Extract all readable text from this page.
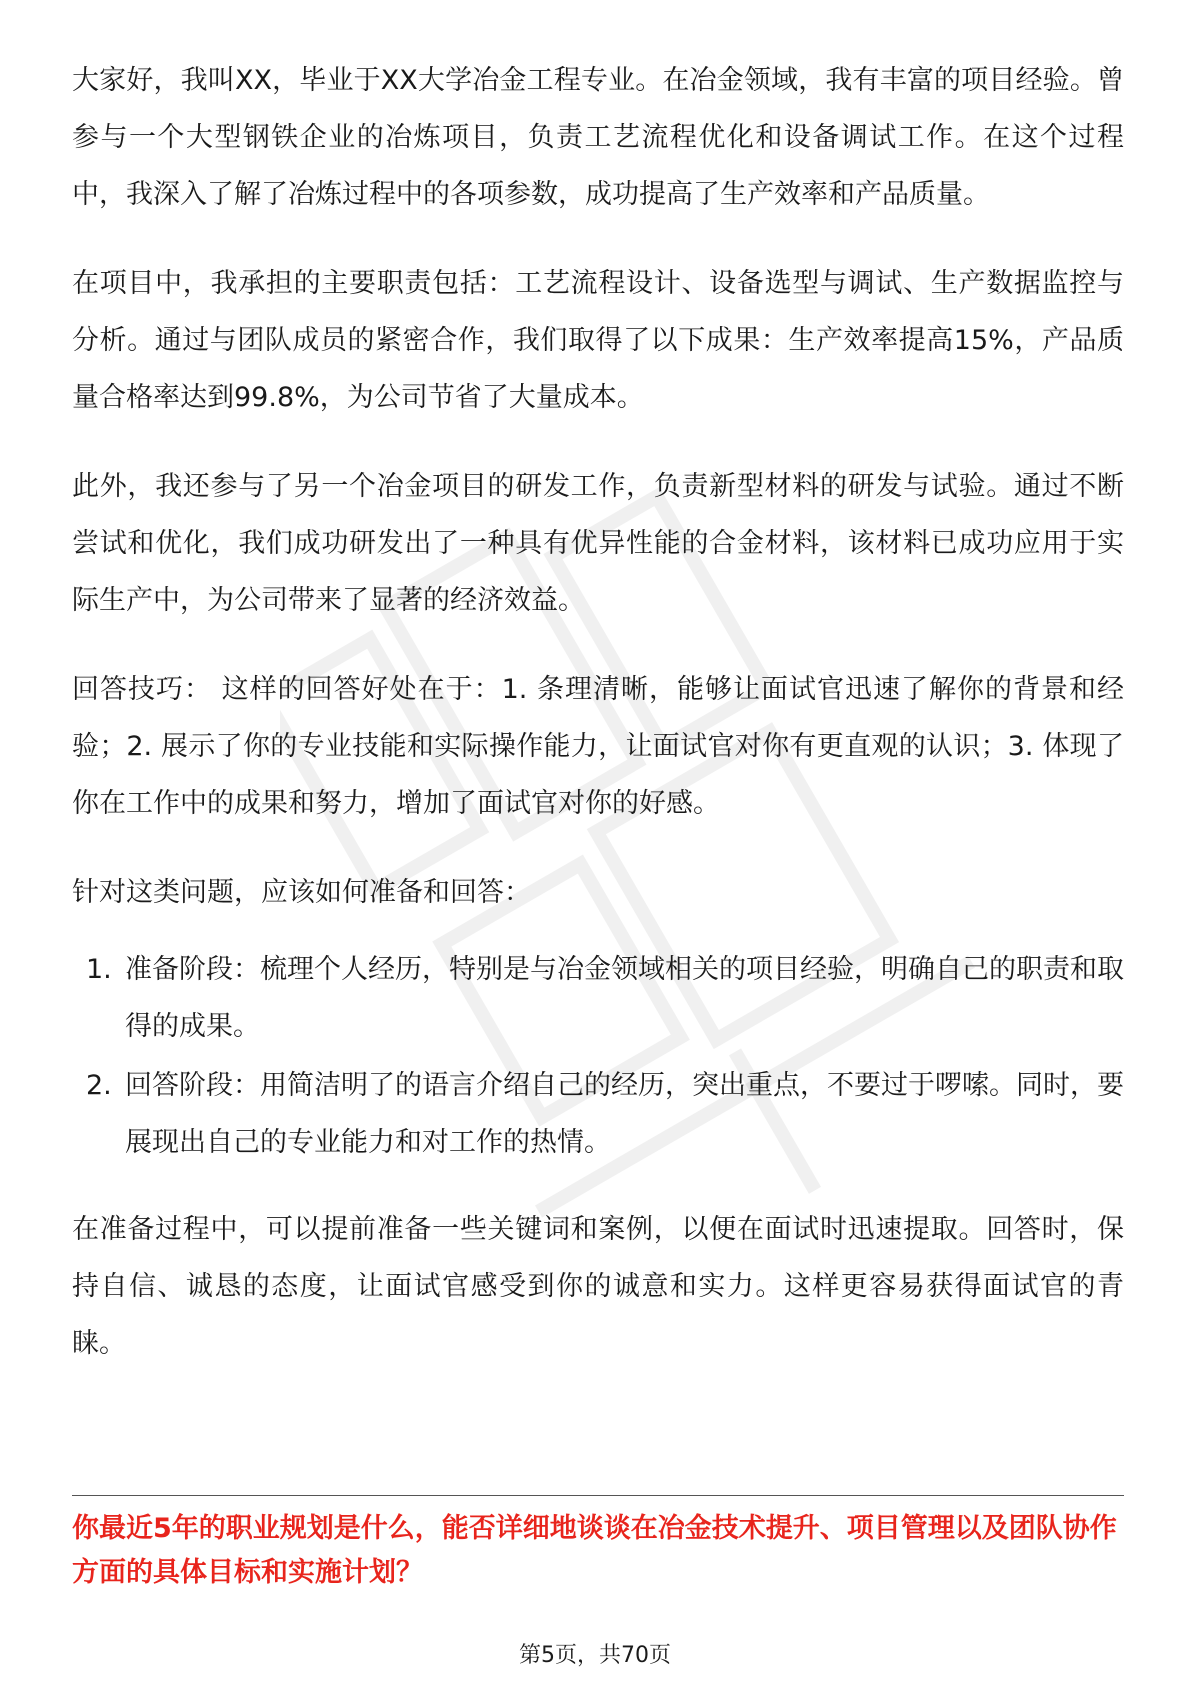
大家好，我叫XX，毕业于XX大学冶金工程专业。在冶金领域，我有丰富的项目经验。曾参与一个大型钢铁企业的冶炼项目，负责工艺流程优化和设备调试工作。在这个过程中，我深入了解了冶炼过程中的各项参数，成功提高了生产效率和产品质量。

在项目中，我承担的主要职责包括：工艺流程设计、设备选型与调试、生产数据监控与分析。通过与团队成员的紧密合作，我们取得了以下成果：生产效率提高15%，产品质量合格率达到99.8%，为公司节省了大量成本。

此外，我还参与了另一个冶金项目的研发工作，负责新型材料的研发与试验。通过不断尝试和优化，我们成功研发出了一种具有优异性能的合金材料，该材料已成功应用于实际生产中，为公司带来了显著的经济效益。

回答技巧： 这样的回答好处在于：1. 条理清晰，能够让面试官迅速了解你的背景和经验；2. 展示了你的专业技能和实际操作能力，让面试官对你有更直观的认识；3. 体现了你在工作中的成果和努力，增加了面试官对你的好感。

针对这类问题，应该如何准备和回答：

1. 准备阶段：梳理个人经历，特别是与冶金领域相关的项目经验，明确自己的职责和取得的成果。
2. 回答阶段：用简洁明了的语言介绍自己的经历，突出重点，不要过于啰嗦。同时，要展现出自己的专业能力和对工作的热情。

在准备过程中，可以提前准备一些关键词和案例，以便在面试时迅速提取。回答时，保持自信、诚恳的态度，让面试官感受到你的诚意和实力。这样更容易获得面试官的青睐。

你最近5年的职业规划是什么，能否详细地谈谈在冶金技术提升、项目管理以及团队协作方面的具体目标和实施计划？
第5页，共70页
